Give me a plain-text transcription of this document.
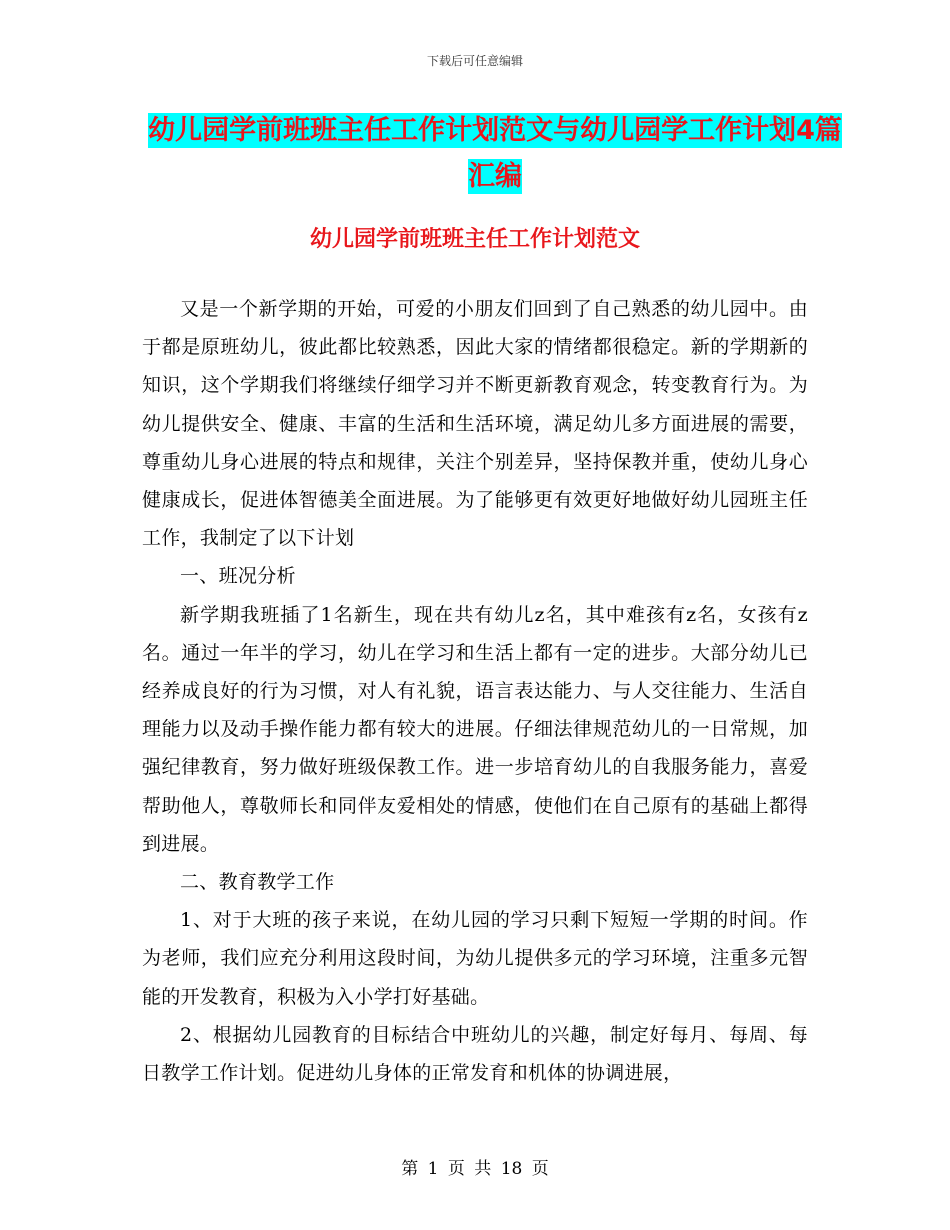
下载后可任意编辑
幼儿园学前班班主任工作计划范文与幼儿园学工作计划4篇汇编
幼儿园学前班班主任工作计划范文

又是一个新学期的开始，可爱的小朋友们回到了自己熟悉的幼儿园中。由于都是原班幼儿，彼此都比较熟悉，因此大家的情绪都很稳定。新的学期新的知识，这个学期我们将继续仔细学习并不断更新教育观念，转变教育行为。为幼儿提供安全、健康、丰富的生活和生活环境，满足幼儿多方面进展的需要，尊重幼儿身心进展的特点和规律，关注个别差异，坚持保教并重，使幼儿身心健康成长，促进体智德美全面进展。为了能够更有效更好地做好幼儿园班主任工作，我制定了以下计划

一、班况分析

新学期我班插了1名新生，现在共有幼儿z名，其中难孩有z名，女孩有z名。通过一年半的学习，幼儿在学习和生活上都有一定的进步。大部分幼儿已经养成良好的行为习惯，对人有礼貌，语言表达能力、与人交往能力、生活自理能力以及动手操作能力都有较大的进展。仔细法律规范幼儿的一日常规，加强纪律教育，努力做好班级保教工作。进一步培育幼儿的自我服务能力，喜爱帮助他人，尊敬师长和同伴友爱相处的情感，使他们在自己原有的基础上都得到进展。

二、教育教学工作

1、对于大班的孩子来说，在幼儿园的学习只剩下短短一学期的时间。作为老师，我们应充分利用这段时间，为幼儿提供多元的学习环境，注重多元智能的开发教育，积极为入小学打好基础。

2、根据幼儿园教育的目标结合中班幼儿的兴趣，制定好每月、每周、每日教学工作计划。促进幼儿身体的正常发育和机体的协调进展，

第 1 页 共 18 页
